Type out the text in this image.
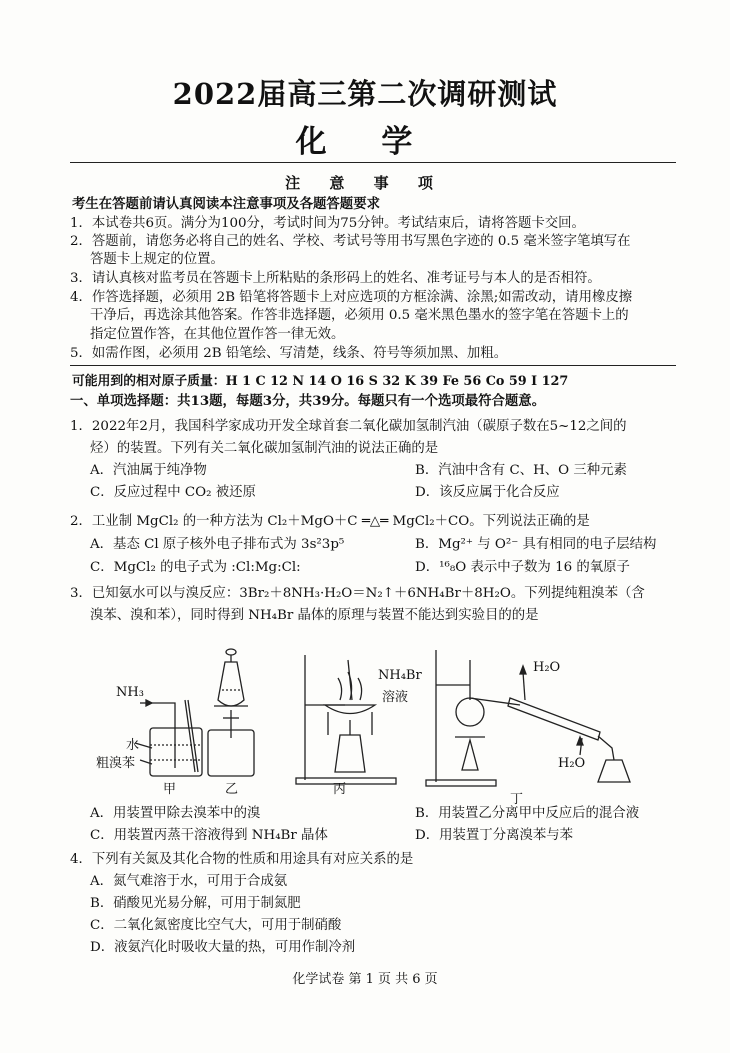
2022届高三第二次调研测试
化 学
注 意 事 项
考生在答题前请认真阅读本注意事项及各题答题要求
1．本试卷共6页。满分为100分，考试时间为75分钟。考试结束后，请将答题卡交回。
2．答题前，请您务必将自己的姓名、学校、考试号等用书写黑色字迹的 0.5 毫米签字笔填写在
答题卡上规定的位置。
3．请认真核对监考员在答题卡上所粘贴的条形码上的姓名、准考证号与本人的是否相符。
4．作答选择题，必须用 2B 铅笔将答题卡上对应选项的方框涂满、涂黑;如需改动，请用橡皮擦
干净后，再选涂其他答案。作答非选择题，必须用 0.5 毫米黑色墨水的签字笔在答题卡上的
指定位置作答，在其他位置作答一律无效。
5．如需作图，必须用 2B 铅笔绘、写清楚，线条、符号等须加黑、加粗。
可能用到的相对原子质量：H 1 C 12 N 14 O 16 S 32 K 39 Fe 56 Co 59 I 127
一、单项选择题：共13题，每题3分，共39分。每题只有一个选项最符合题意。
1．2022年2月，我国科学家成功开发全球首套二氧化碳加氢制汽油（碳原子数在5~12之间的
烃）的装置。下列有关二氧化碳加氢制汽油的说法正确的是
A．汽油属于纯净物	B．汽油中含有 C、H、O 三种元素
C．反应过程中 CO₂ 被还原	D．该反应属于化合反应
2．工业制 MgCl₂ 的一种方法为 Cl₂＋MgO＋C ═△═ MgCl₂＋CO。下列说法正确的是
A．基态 Cl 原子核外电子排布式为 3s²3p⁵	B．Mg²⁺ 与 O²⁻ 具有相同的电子层结构
C．MgCl₂ 的电子式为 :Cl:Mg:Cl:	D．¹⁶₈O 表示中子数为 16 的氧原子
3．已知氨水可以与溴反应：3Br₂＋8NH₃·H₂O＝N₂↑＋6NH₄Br＋8H₂O。下列提纯粗溴苯（含
溴苯、溴和苯），同时得到 NH₄Br 晶体的原理与装置不能达到实验目的的是
NH₃
水
粗溴苯
NH₄Br
溶液
H₂O
H₂O
甲	乙	丙
丁
A．用装置甲除去溴苯中的溴	B．用装置乙分离甲中反应后的混合液
C．用装置丙蒸干溶液得到 NH₄Br 晶体	D．用装置丁分离溴苯与苯
4．下列有关氮及其化合物的性质和用途具有对应关系的是
A．氮气难溶于水，可用于合成氨
B．硝酸见光易分解，可用于制氮肥
C．二氧化氮密度比空气大，可用于制硝酸
D．液氨汽化时吸收大量的热，可用作制冷剂
化学试卷 第 1 页 共 6 页
